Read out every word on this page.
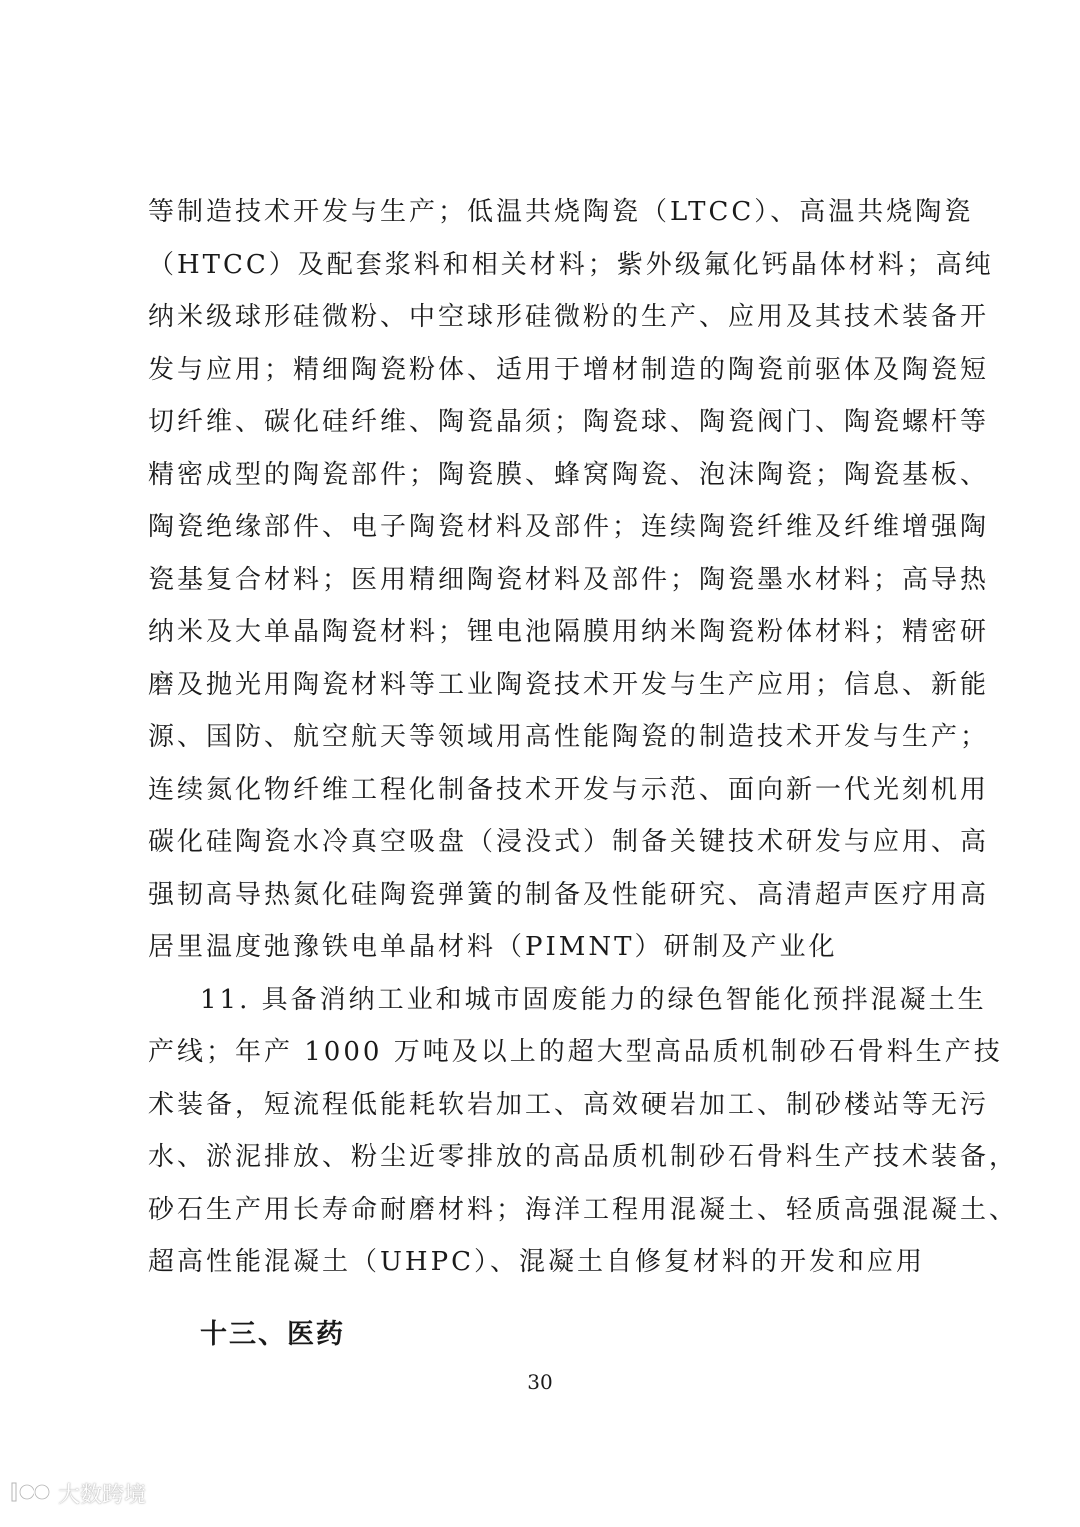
等制造技术开发与生产；低温共烧陶瓷（LTCC）、高温共烧陶瓷
（HTCC）及配套浆料和相关材料；紫外级氟化钙晶体材料；高纯
纳米级球形硅微粉、中空球形硅微粉的生产、应用及其技术装备开
发与应用；精细陶瓷粉体、适用于增材制造的陶瓷前驱体及陶瓷短
切纤维、碳化硅纤维、陶瓷晶须；陶瓷球、陶瓷阀门、陶瓷螺杆等
精密成型的陶瓷部件；陶瓷膜、蜂窝陶瓷、泡沫陶瓷；陶瓷基板、
陶瓷绝缘部件、电子陶瓷材料及部件；连续陶瓷纤维及纤维增强陶
瓷基复合材料；医用精细陶瓷材料及部件；陶瓷墨水材料；高导热
纳米及大单晶陶瓷材料；锂电池隔膜用纳米陶瓷粉体材料；精密研
磨及抛光用陶瓷材料等工业陶瓷技术开发与生产应用；信息、新能
源、国防、航空航天等领域用高性能陶瓷的制造技术开发与生产；
连续氮化物纤维工程化制备技术开发与示范、面向新一代光刻机用
碳化硅陶瓷水冷真空吸盘（浸没式）制备关键技术研发与应用、高
强韧高导热氮化硅陶瓷弹簧的制备及性能研究、高清超声医疗用高
居里温度弛豫铁电单晶材料（PIMNT）研制及产业化
11. 具备消纳工业和城市固废能力的绿色智能化预拌混凝土生
产线；年产 1000 万吨及以上的超大型高品质机制砂石骨料生产技
术装备，短流程低能耗软岩加工、高效硬岩加工、制砂楼站等无污
水、淤泥排放、粉尘近零排放的高品质机制砂石骨料生产技术装备，
砂石生产用长寿命耐磨材料；海洋工程用混凝土、轻质高强混凝土、
超高性能混凝土（UHPC）、混凝土自修复材料的开发和应用
十三、医药
30
大数跨境
